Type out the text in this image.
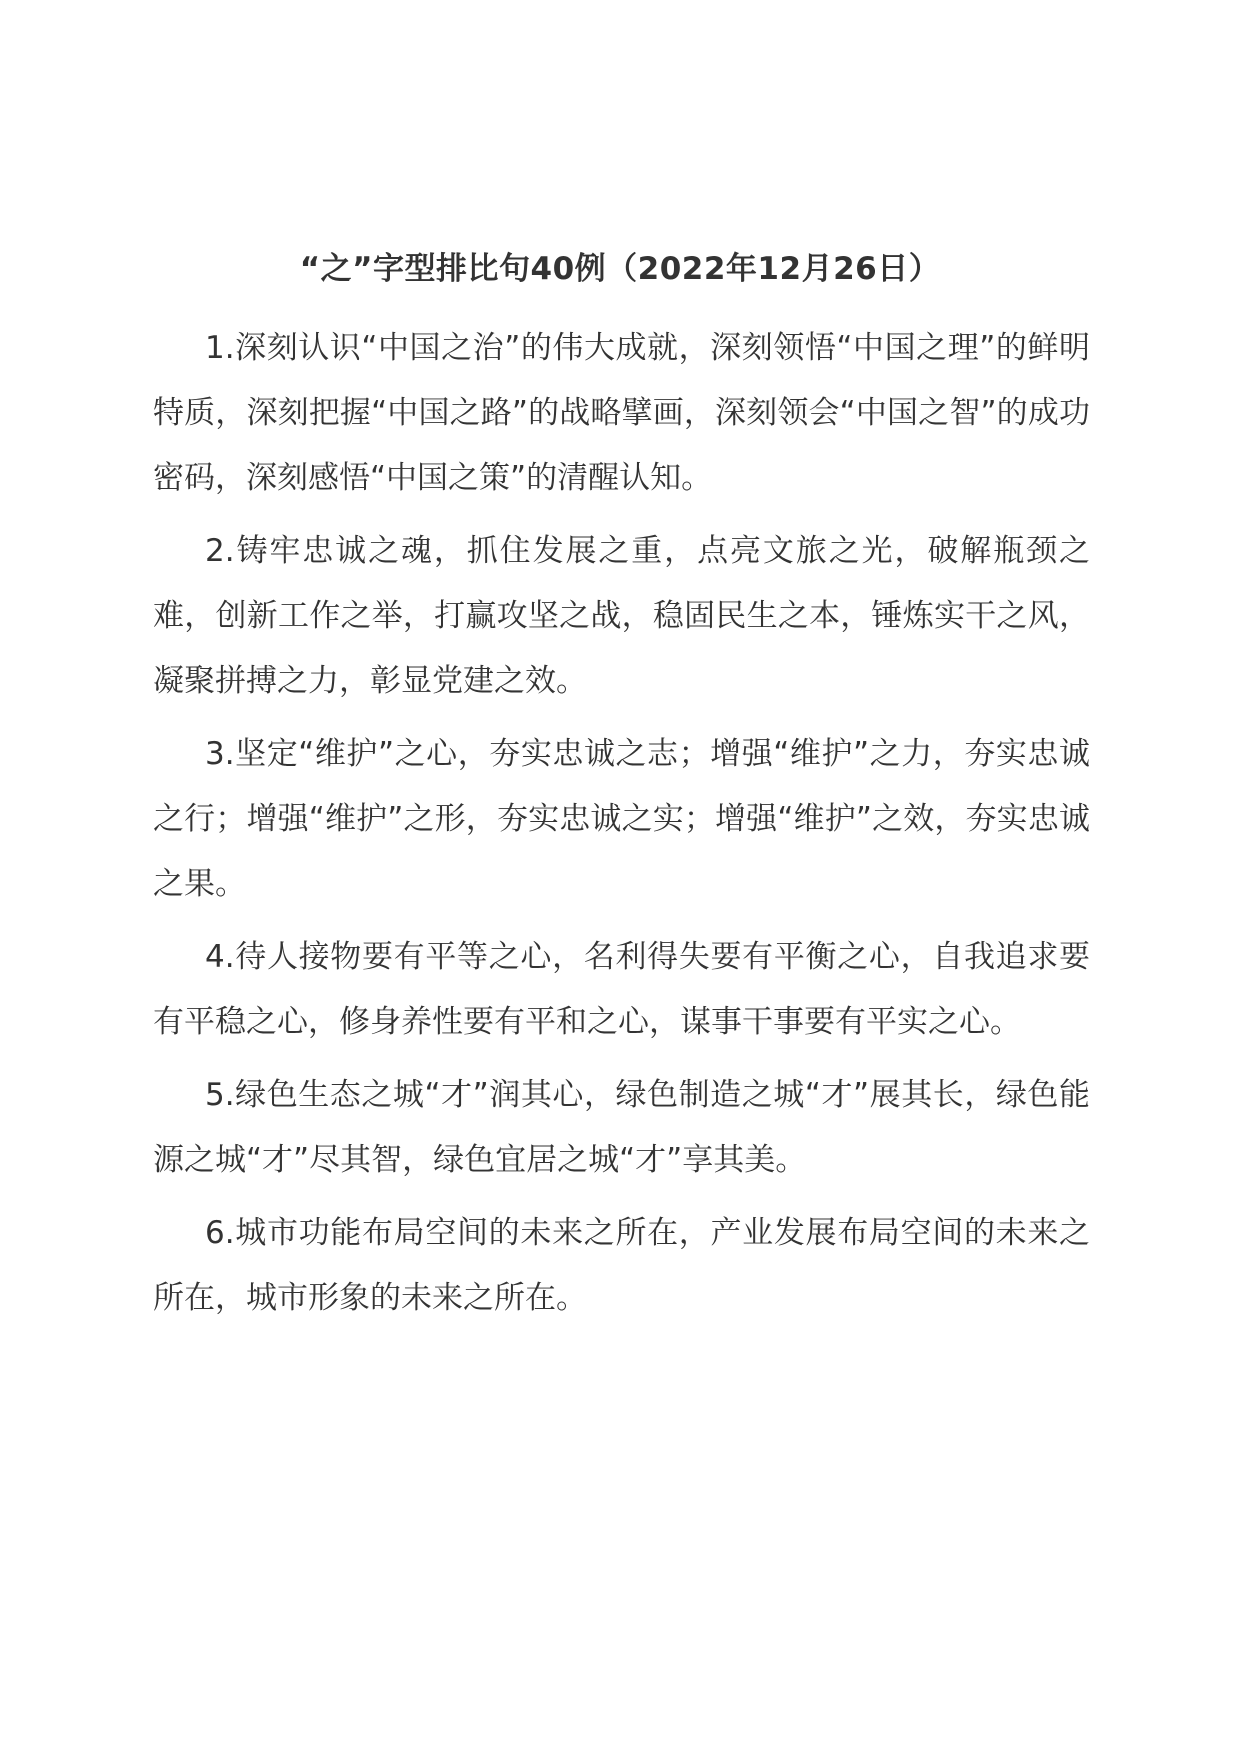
“之”字型排比句40例（2022年12月26日）

1.深刻认识“中国之治”的伟大成就，深刻领悟“中国之理”的鲜明特质，深刻把握“中国之路”的战略擘画，深刻领会“中国之智”的成功密码，深刻感悟“中国之策”的清醒认知。

2.铸牢忠诚之魂，抓住发展之重，点亮文旅之光，破解瓶颈之难，创新工作之举，打赢攻坚之战，稳固民生之本，锤炼实干之风，凝聚拼搏之力，彰显党建之效。

3.坚定“维护”之心，夯实忠诚之志；增强“维护”之力，夯实忠诚之行；增强“维护”之形，夯实忠诚之实；增强“维护”之效，夯实忠诚之果。

4.待人接物要有平等之心，名利得失要有平衡之心，自我追求要有平稳之心，修身养性要有平和之心，谋事干事要有平实之心。

5.绿色生态之城“才”润其心，绿色制造之城“才”展其长，绿色能源之城“才”尽其智，绿色宜居之城“才”享其美。

6.城市功能布局空间的未来之所在，产业发展布局空间的未来之所在，城市形象的未来之所在。
